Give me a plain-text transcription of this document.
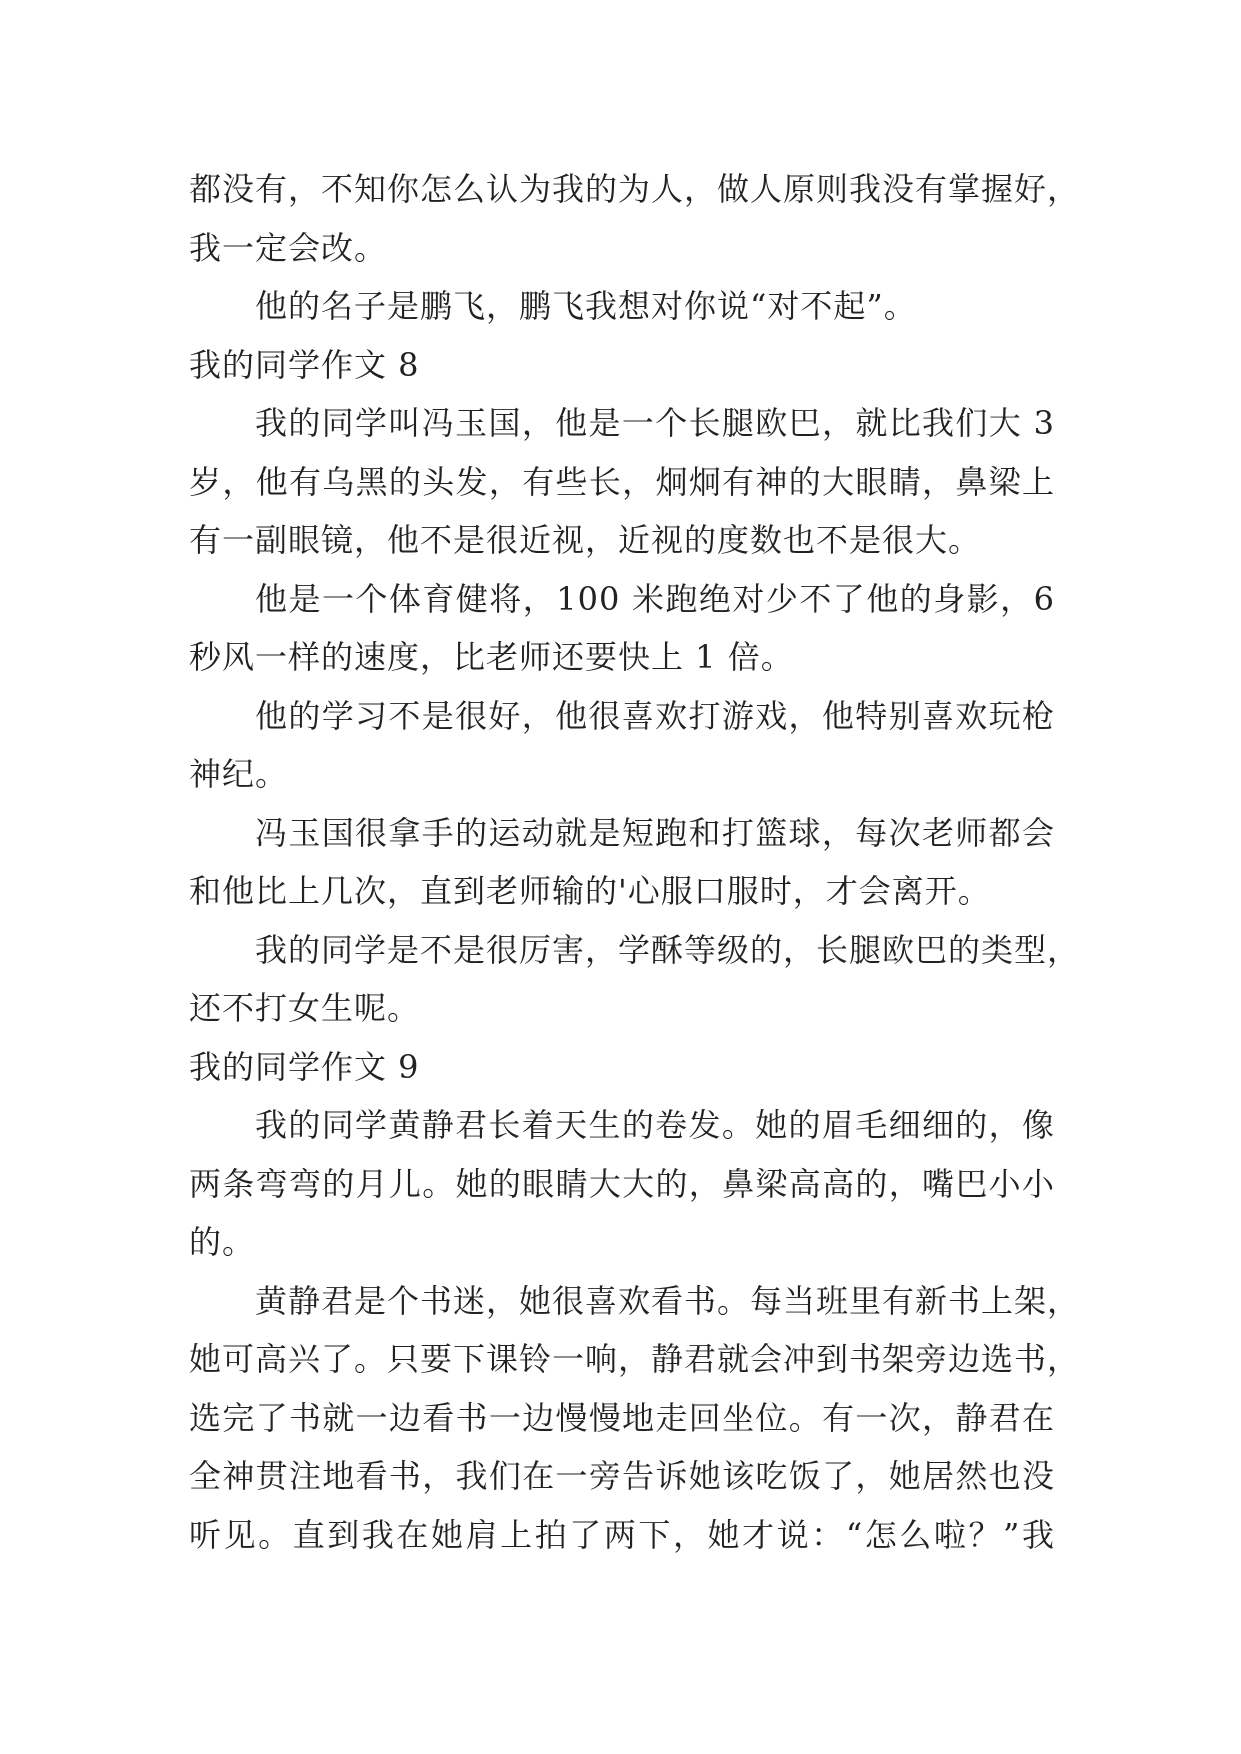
都没有，不知你怎么认为我的为人，做人原则我没有掌握好，
我一定会改。
他的名子是鹏飞，鹏飞我想对你说“对不起”。
我的同学作文 8
我的同学叫冯玉国，他是一个长腿欧巴，就比我们大 3
岁，他有乌黑的头发，有些长，炯炯有神的大眼睛，鼻梁上
有一副眼镜，他不是很近视，近视的度数也不是很大。
他是一个体育健将，100 米跑绝对少不了他的身影，6
秒风一样的速度，比老师还要快上 1 倍。
他的学习不是很好，他很喜欢打游戏，他特别喜欢玩枪
神纪。
冯玉国很拿手的运动就是短跑和打篮球，每次老师都会
和他比上几次，直到老师输的'心服口服时，才会离开。
我的同学是不是很厉害，学酥等级的，长腿欧巴的类型，
还不打女生呢。
我的同学作文 9
我的同学黄静君长着天生的卷发。她的眉毛细细的，像
两条弯弯的月儿。她的眼睛大大的，鼻梁高高的，嘴巴小小
的。
黄静君是个书迷，她很喜欢看书。每当班里有新书上架，
她可高兴了。只要下课铃一响，静君就会冲到书架旁边选书，
选完了书就一边看书一边慢慢地走回坐位。有一次，静君在
全神贯注地看书，我们在一旁告诉她该吃饭了，她居然也没
听见。直到我在她肩上拍了两下，她才说：“怎么啦？”我
